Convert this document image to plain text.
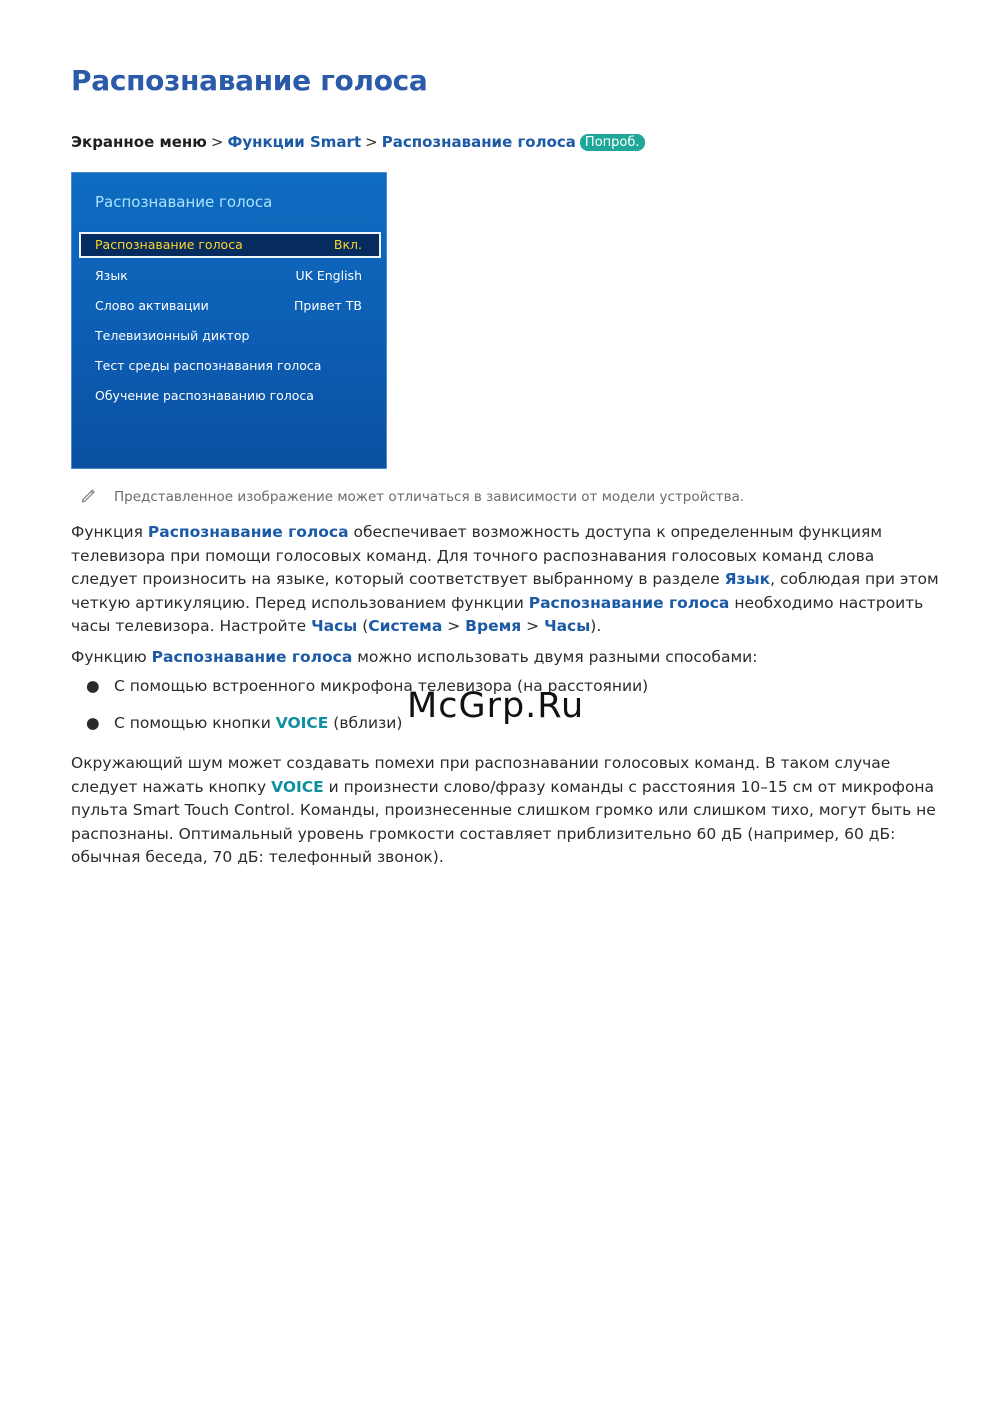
Распознавание голоса
Экранное меню > Функции Smart > Распознавание голоса Попроб.
Распознавание голоса
Распознавание голоса	Вкл.
Язык	UK English
Слово активации	Привет ТВ
Телевизионный диктор
Тест среды распознавания голоса
Обучение распознаванию голоса
Представленное изображение может отличаться в зависимости от модели устройства.

Функция Распознавание голоса обеспечивает возможность доступа к определенным функциям телевизора при помощи голосовых команд. Для точного распознавания голосовых команд слова следует произносить на языке, который соответствует выбранному в разделе Язык, соблюдая при этом четкую артикуляцию. Перед использованием функции Распознавание голоса необходимо настроить часы телевизора. Настройте Часы (Система > Время > Часы).

Функцию Распознавание голоса можно использовать двумя разными способами:

● С помощью встроенного микрофона телевизора (на расстоянии)
● С помощью кнопки VOICE (вблизи)

Окружающий шум может создавать помехи при распознавании голосовых команд. В таком случае следует нажать кнопку VOICE и произнести слово/фразу команды с расстояния 10–15 см от микрофона пульта Smart Touch Control. Команды, произнесенные слишком громко или слишком тихо, могут быть не распознаны. Оптимальный уровень громкости составляет приблизительно 60 дБ (например, 60 дБ: обычная беседа, 70 дБ: телефонный звонок).

McGrp.Ru
